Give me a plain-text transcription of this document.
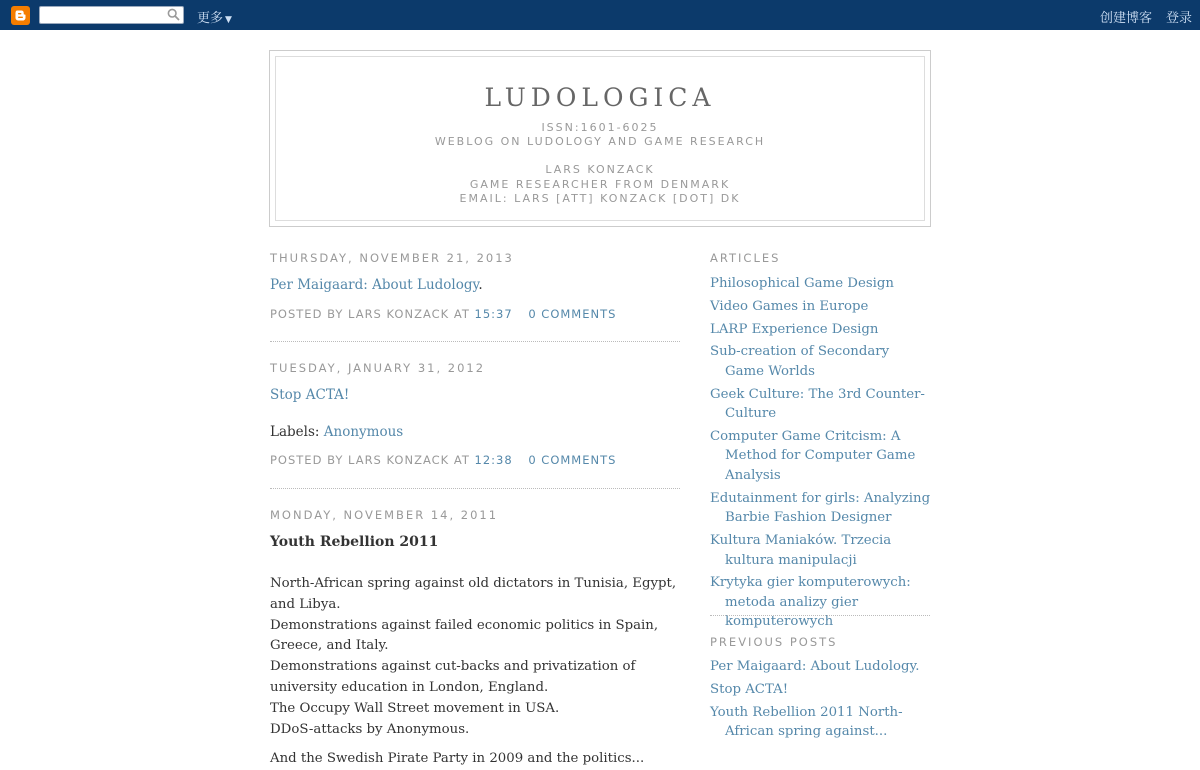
更多 ▼	创建博客 登录
LUDOLOGICA
ISSN:1601-6025
WEBLOG ON LUDOLOGY AND GAME RESEARCH
LARS KONZACK
GAME RESEARCHER FROM DENMARK
EMAIL: LARS [ATT] KONZACK [DOT] DK
THURSDAY, NOVEMBER 21, 2013
Per Maigaard: About Ludology.
POSTED BY LARS KONZACK AT 15:37 0 COMMENTS
TUESDAY, JANUARY 31, 2012
Stop ACTA!
Labels: Anonymous
POSTED BY LARS KONZACK AT 12:38 0 COMMENTS
MONDAY, NOVEMBER 14, 2011
Youth Rebellion 2011

North-African spring against old dictators in Tunisia, Egypt, and Libya.

Demonstrations against failed economic politics in Spain, Greece, and Italy.

Demonstrations against cut-backs and privatization of university education in London, England.

The Occupy Wall Street movement in USA.

DDoS-attacks by Anonymous.

And the Swedish Pirate Party in 2009 and the politics...

ARTICLES
Philosophical Game Design
Video Games in Europe
LARP Experience Design
Sub-creation of Secondary Game Worlds
Geek Culture: The 3rd Counter-Culture
Computer Game Critcism: A Method for Computer Game Analysis
Edutainment for girls: Analyzing Barbie Fashion Designer
Kultura Maniaków. Trzecia kultura manipulacji
Krytyka gier komputerowych: metoda analizy gier komputerowych
PREVIOUS POSTS
Per Maigaard: About Ludology.
Stop ACTA!
Youth Rebellion 2011 North-African spring against...
